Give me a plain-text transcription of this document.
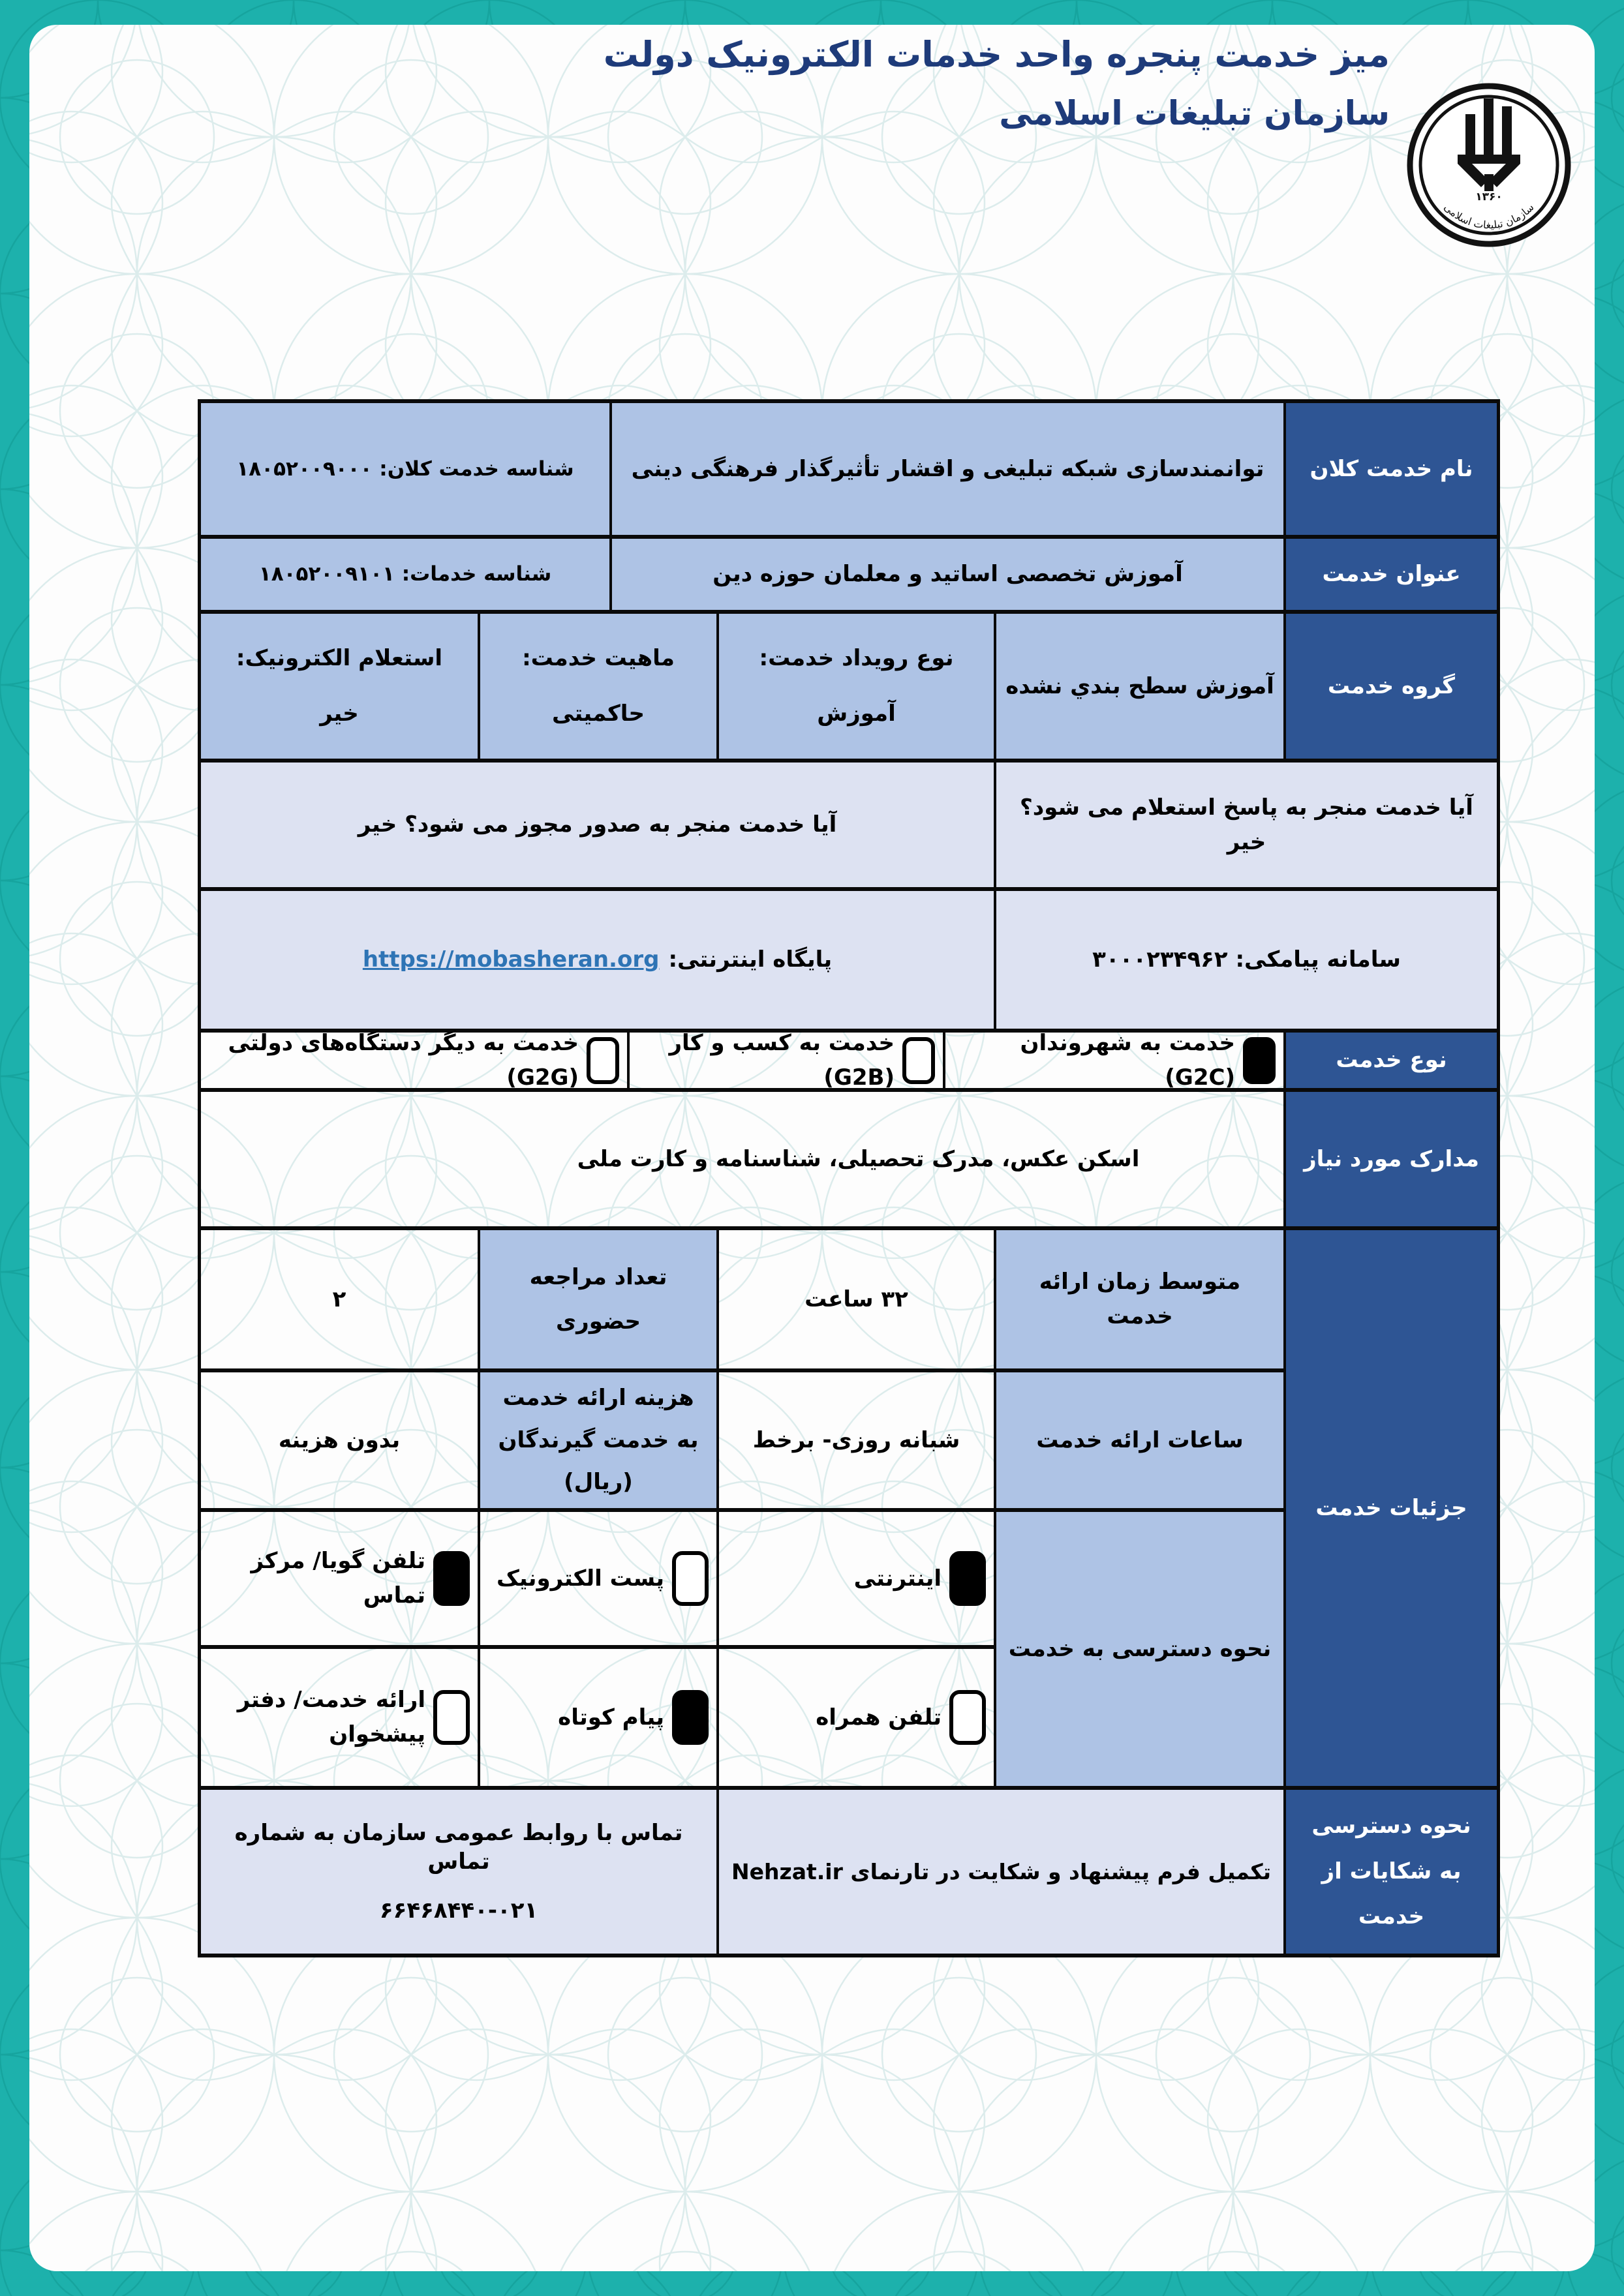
میز خدمت پنجره واحد خدمات الکترونیک دولت
سازمان تبلیغات اسلامی
۱۳۶۰
سازمان تبلیغات اسلامی
نام خدمت کلان
توانمندسازی شبکه تبلیغی و اقشار تأثیرگذار فرهنگی دینی
شناسه خدمت کلان: ۱۸۰۵۲۰۰۹۰۰۰
عنوان خدمت
آموزش تخصصی اساتید و معلمان حوزه دین
شناسه خدمات: ۱۸۰۵۲۰۰۹۱۰۱
گروه خدمت
آموزش سطح بندي نشده
نوع رویداد خدمت:
آموزش
ماهیت خدمت:
حاکمیتی
استعلام الکترونیک:
خیر
آیا خدمت منجر به پاسخ استعلام می شود؟ خیر
آیا خدمت منجر به صدور مجوز می شود؟ خیر
سامانه پیامکی: ۳۰۰۰۲۳۴۹۶۲
پایگاه اینترنتی:
https://mobasheran.org
نوع خدمت
خدمت به شهروندان (G2C)
خدمت به کسب و کار (G2B)
خدمت به دیگر دستگاه‌های دولتی (G2G)
مدارک مورد نیاز
اسکن عکس، مدرک تحصیلی، شناسنامه و کارت ملی
جزئیات خدمت
متوسط زمان ارائه خدمت
۳۲ ساعت
تعداد مراجعه حضوری
۲
ساعات ارائه خدمت
شبانه روزی- برخط
هزینه ارائه خدمت به خدمت گیرندگان (ریال)
بدون هزینه
نحوه دسترسی به خدمت
اینترنتی
پست الکترونیک
تلفن گویا/ مرکز تماس
تلفن همراه
پیام کوتاه
ارائه خدمت/ دفتر پیشخوان
نحوه دسترسی به شکایات از خدمت
تکمیل فرم پیشنهاد و شکایت در تارنمای Nehzat.ir
تماس با روابط عمومی سازمان به شماره تماس
۶۶۴۶۸۴۴۰-۰۲۱
